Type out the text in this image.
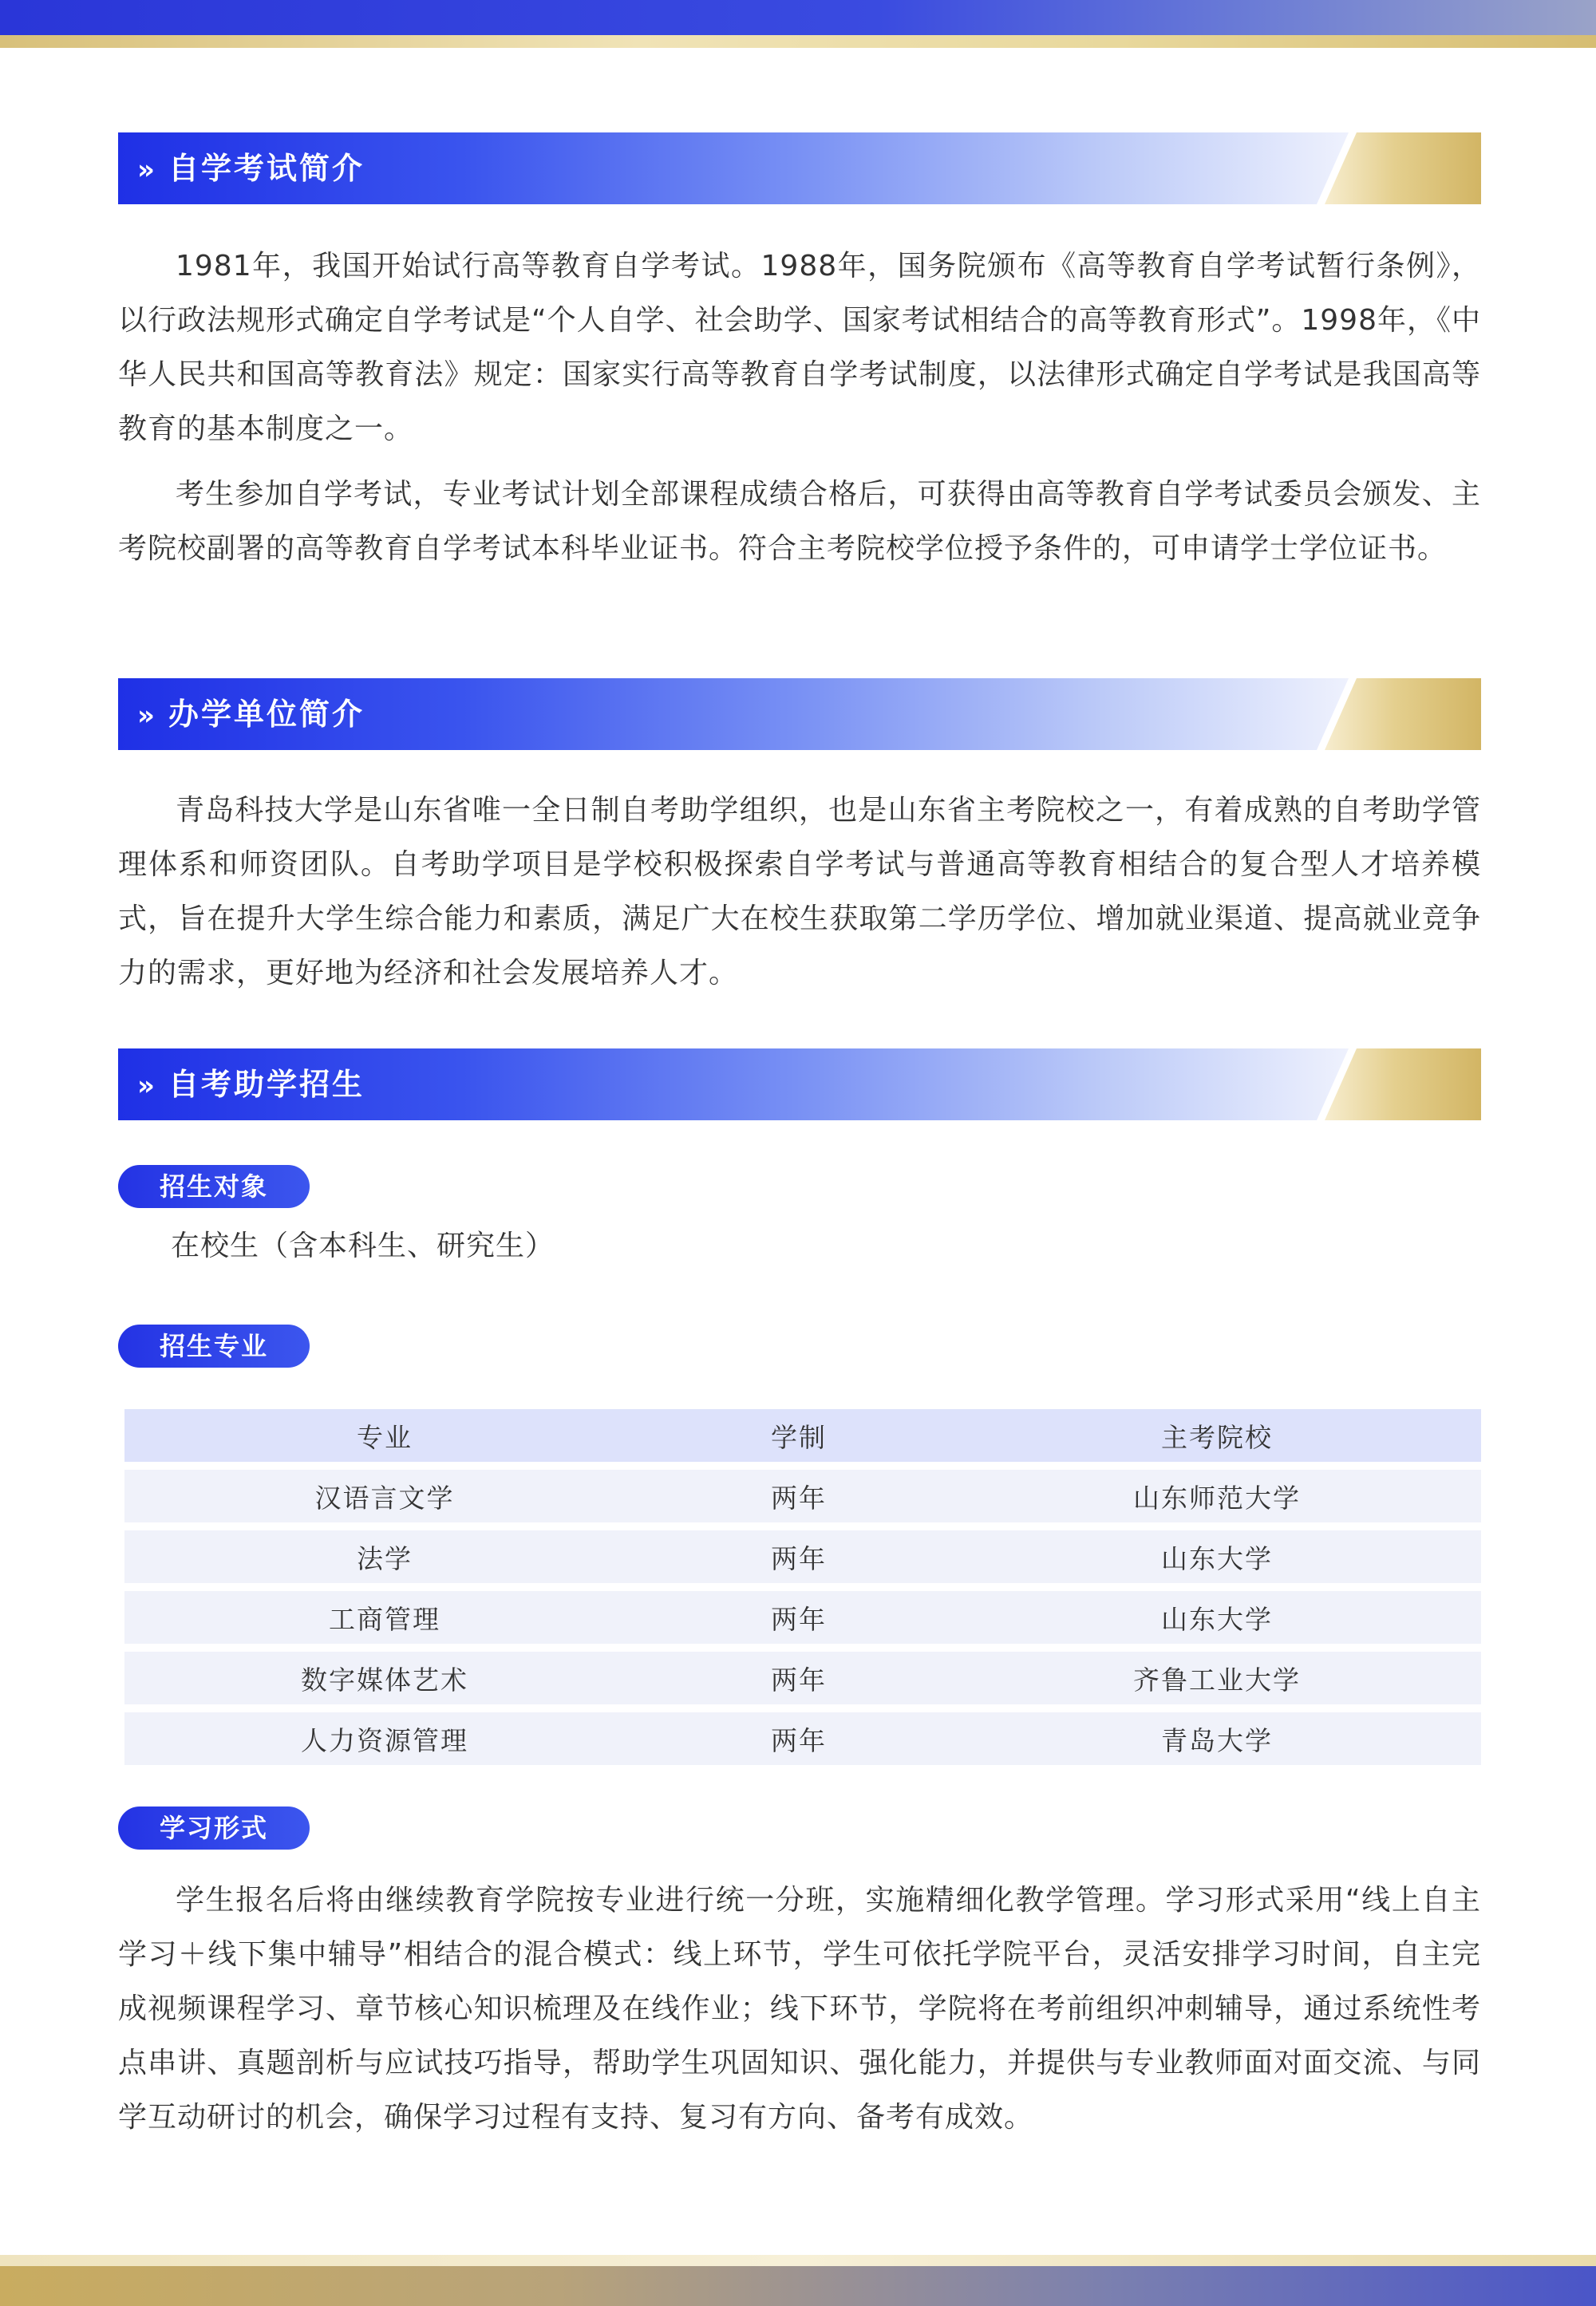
» 自学考试简介

1981年，我国开始试行高等教育自学考试。1988年，国务院颁布《高等教育自学考试暂行条例》，以行政法规形式确定自学考试是“个人自学、社会助学、国家考试相结合的高等教育形式”。1998年，《中华人民共和国高等教育法》规定：国家实行高等教育自学考试制度，以法律形式确定自学考试是我国高等教育的基本制度之一。

考生参加自学考试，专业考试计划全部课程成绩合格后，可获得由高等教育自学考试委员会颁发、主考院校副署的高等教育自学考试本科毕业证书。符合主考院校学位授予条件的，可申请学士学位证书。

» 办学单位简介

青岛科技大学是山东省唯一全日制自考助学组织，也是山东省主考院校之一，有着成熟的自考助学管理体系和师资团队。自考助学项目是学校积极探索自学考试与普通高等教育相结合的复合型人才培养模式，旨在提升大学生综合能力和素质，满足广大在校生获取第二学历学位、增加就业渠道、提高就业竞争力的需求，更好地为经济和社会发展培养人才。

» 自考助学招生
招生对象
在校生（含本科生、研究生）
招生专业
专业	学制	主考院校
汉语言文学	两年	山东师范大学
法学	两年	山东大学
工商管理	两年	山东大学
数字媒体艺术	两年	齐鲁工业大学
人力资源管理	两年	青岛大学
学习形式

学生报名后将由继续教育学院按专业进行统一分班，实施精细化教学管理。学习形式采用“线上自主学习＋线下集中辅导”相结合的混合模式：线上环节，学生可依托学院平台，灵活安排学习时间，自主完成视频课程学习、章节核心知识梳理及在线作业；线下环节，学院将在考前组织冲刺辅导，通过系统性考点串讲、真题剖析与应试技巧指导，帮助学生巩固知识、强化能力，并提供与专业教师面对面交流、与同学互动研讨的机会，确保学习过程有支持、复习有方向、备考有成效。
